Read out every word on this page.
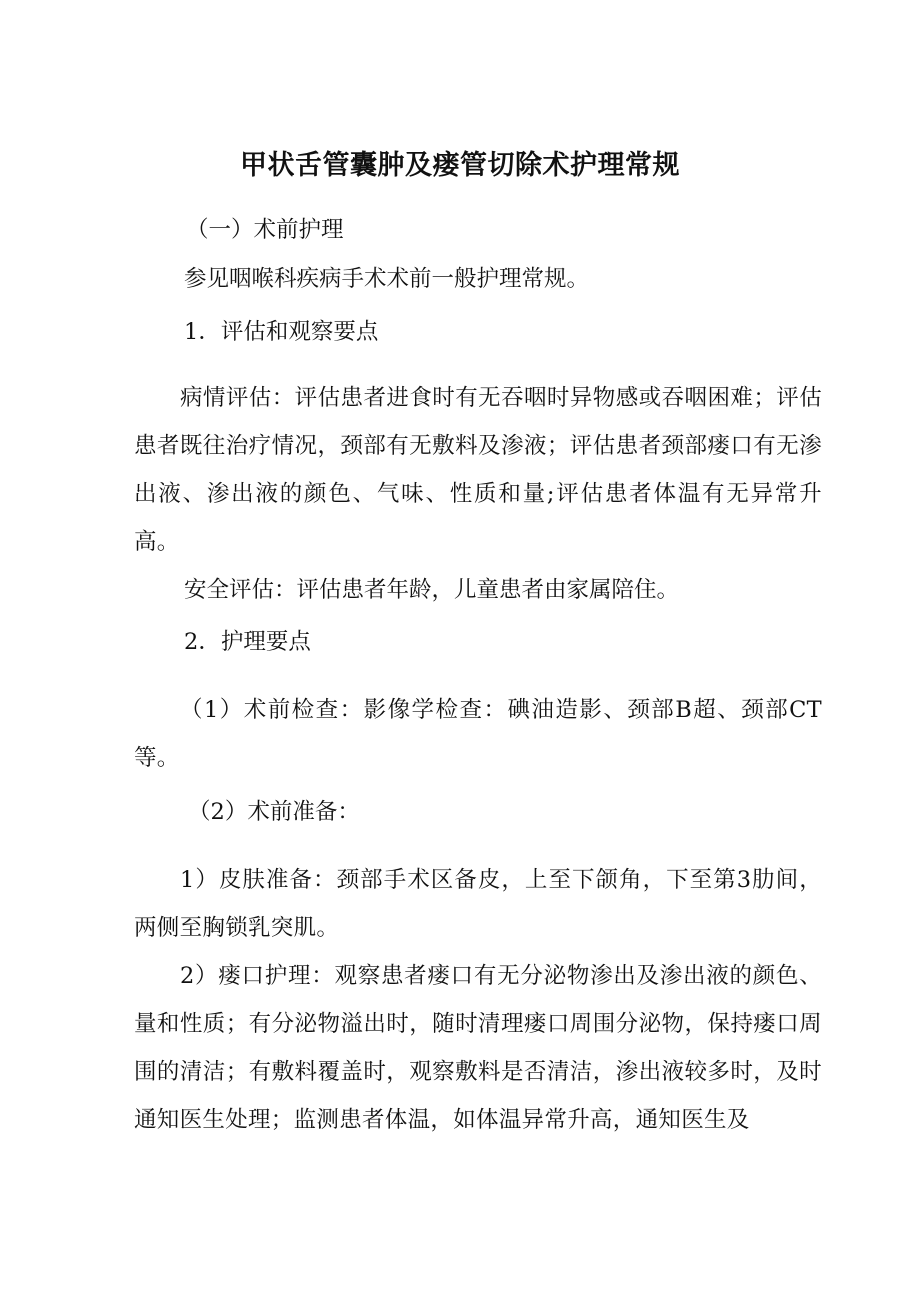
甲状舌管囊肿及瘘管切除术护理常规
（一）术前护理
参见咽喉科疾病手术术前一般护理常规。
1．评估和观察要点
病情评估：评估患者进食时有无吞咽时异物感或吞咽困难；评估患者既往治疗情况，颈部有无敷料及渗液；评估患者颈部瘘口有无渗出液、渗出液的颜色、气味、性质和量;评估患者体温有无异常升高。
安全评估：评估患者年龄，儿童患者由家属陪住。
2．护理要点
（1）术前检查：影像学检查：碘油造影、颈部B超、颈部CT等。
（2）术前准备：
1）皮肤准备：颈部手术区备皮，上至下颌角，下至第3肋间，两侧至胸锁乳突肌。
2）瘘口护理：观察患者瘘口有无分泌物渗出及渗出液的颜色、量和性质；有分泌物溢出时，随时清理瘘口周围分泌物，保持瘘口周围的清洁；有敷料覆盖时，观察敷料是否清洁，渗出液较多时，及时通知医生处理；监测患者体温，如体温异常升高，通知医生及
